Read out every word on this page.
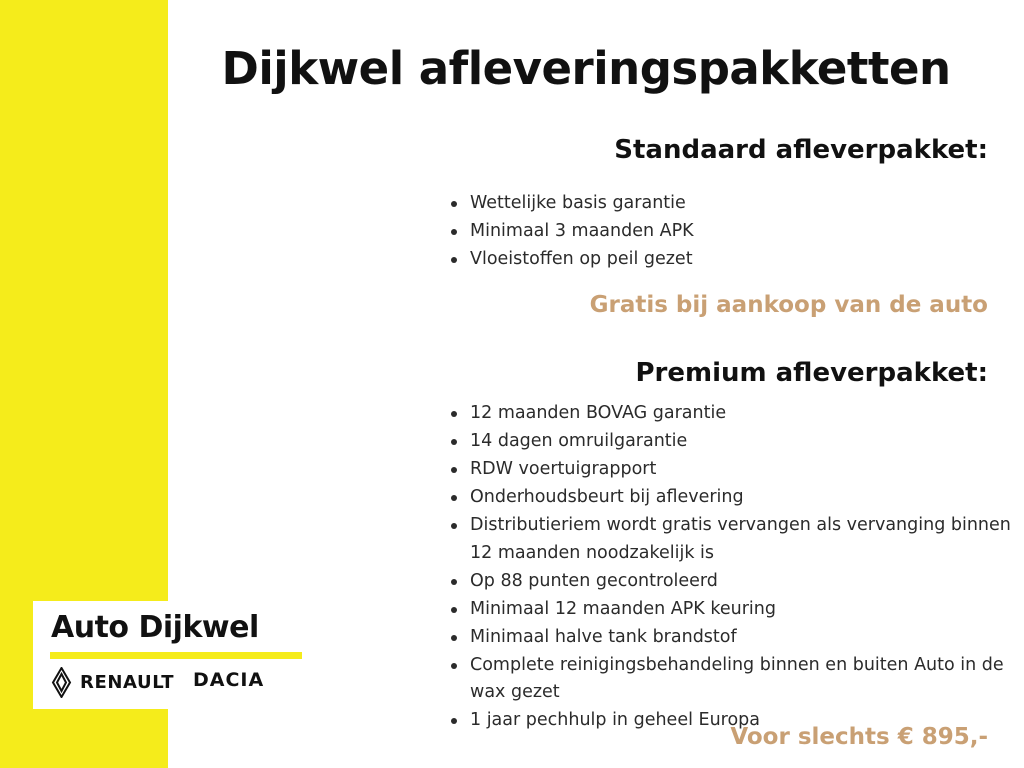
Dijkwel afleveringspakketten
Standaard afleverpakket:
Wettelijke basis garantie
Minimaal 3 maanden APK
Vloeistoffen op peil gezet
Gratis bij aankoop van de auto
Premium afleverpakket:
12 maanden BOVAG garantie
14 dagen omruilgarantie
RDW voertuigrapport
Onderhoudsbeurt bij aflevering
Distributieriem wordt gratis vervangen als vervanging binnen 12 maanden noodzakelijk is
Op 88 punten gecontroleerd
Minimaal 12 maanden APK keuring
Minimaal halve tank brandstof
Complete reinigingsbehandeling binnen en buiten Auto in de wax gezet
1 jaar pechhulp in geheel Europa
Voor slechts € 895,-
Auto Dijkwel
RENAULT DACIA
